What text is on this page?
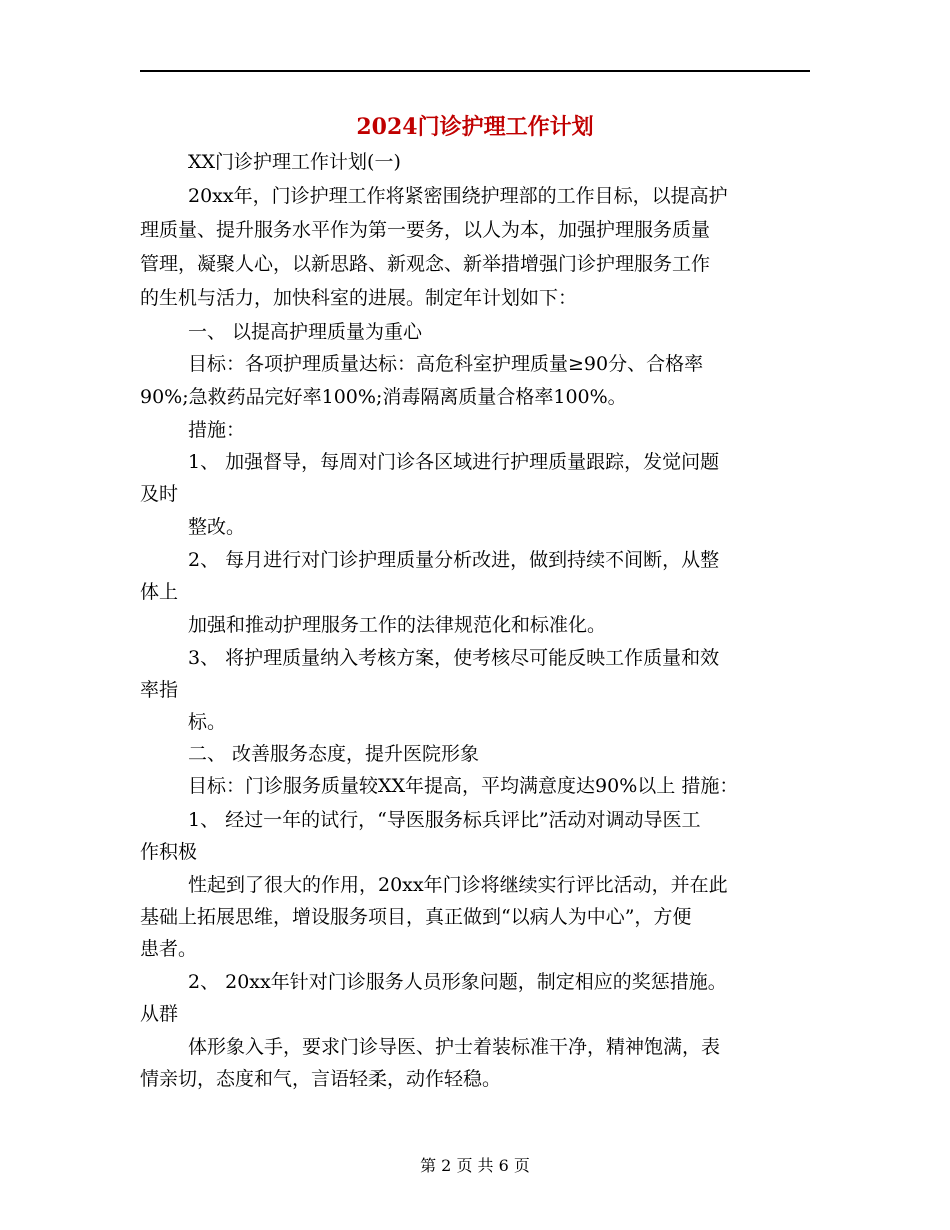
2024门诊护理工作计划
XX门诊护理工作计划(一)
20xx年，门诊护理工作将紧密围绕护理部的工作目标，以提高护
理质量、提升服务水平作为第一要务，以人为本，加强护理服务质量
管理，凝聚人心，以新思路、新观念、新举措增强门诊护理服务工作
的生机与活力，加快科室的进展。制定年计划如下：
一、 以提高护理质量为重心
目标：各项护理质量达标：高危科室护理质量≥90分、合格率
90%;急救药品完好率100%;消毒隔离质量合格率100%。
措施：
1、 加强督导，每周对门诊各区域进行护理质量跟踪，发觉问题
及时
整改。
2、 每月进行对门诊护理质量分析改进，做到持续不间断，从整
体上
加强和推动护理服务工作的法律规范化和标准化。
3、 将护理质量纳入考核方案，使考核尽可能反映工作质量和效
率指
标。
二、 改善服务态度，提升医院形象
目标：门诊服务质量较XX年提高，平均满意度达90%以上 措施：
1、 经过一年的试行，“导医服务标兵评比”活动对调动导医工
作积极
性起到了很大的作用，20xx年门诊将继续实行评比活动，并在此
基础上拓展思维，增设服务项目，真正做到“以病人为中心”，方便
患者。
2、 20xx年针对门诊服务人员形象问题，制定相应的奖惩措施。
从群
体形象入手，要求门诊导医、护士着装标准干净，精神饱满，表
情亲切，态度和气，言语轻柔，动作轻稳。
第 2 页 共 6 页
